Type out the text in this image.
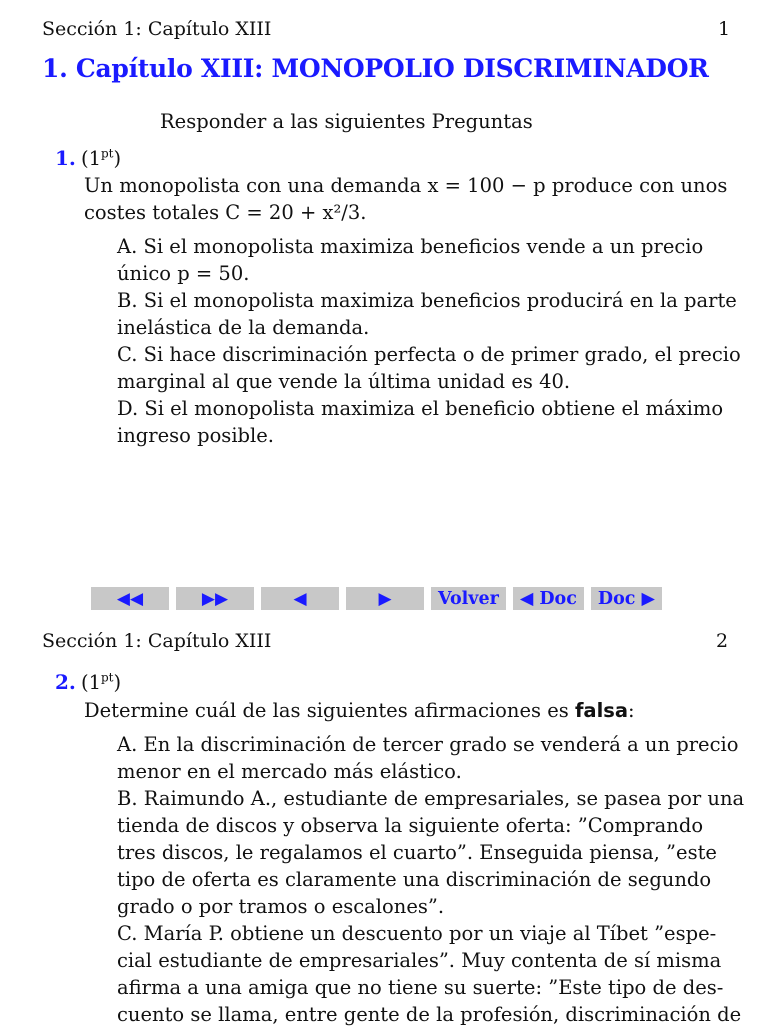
Sección 1: Capítulo XIII	1
1. Capítulo XIII: MONOPOLIO DISCRIMINADOR
Responder a las siguientes Preguntas
1. $(1^{pt})$
Un monopolista con una demanda x = 100 − p produce con unos
costes totales C = 20 + x²/3.
A. Si el monopolista maximiza beneficios vende a un precio
único p = 50.
B. Si el monopolista maximiza beneficios producirá en la parte
inelástica de la demanda.
C. Si hace discriminación perfecta o de primer grado, el precio
marginal al que vende la última unidad es 40.
D. Si el monopolista maximiza el beneficio obtiene el máximo
ingreso posible.
◀◀	▶▶	◀	▶	Volver	◀ Doc	Doc ▶
Sección 1: Capítulo XIII	2
2. $(1^{pt})$
Determine cuál de las siguientes afirmaciones es falsa:
A. En la discriminación de tercer grado se venderá a un precio
menor en el mercado más elástico.
B. Raimundo A., estudiante de empresariales, se pasea por una
tienda de discos y observa la siguiente oferta: ”Comprando
tres discos, le regalamos el cuarto”. Enseguida piensa, ”este
tipo de oferta es claramente una discriminación de segundo
grado o por tramos o escalones”.
C. María P. obtiene un descuento por un viaje al Tíbet ”espe-
cial estudiante de empresariales”. Muy contenta de sí misma
afirma a una amiga que no tiene su suerte: ”Este tipo de des-
cuento se llama, entre gente de la profesión, discriminación de
